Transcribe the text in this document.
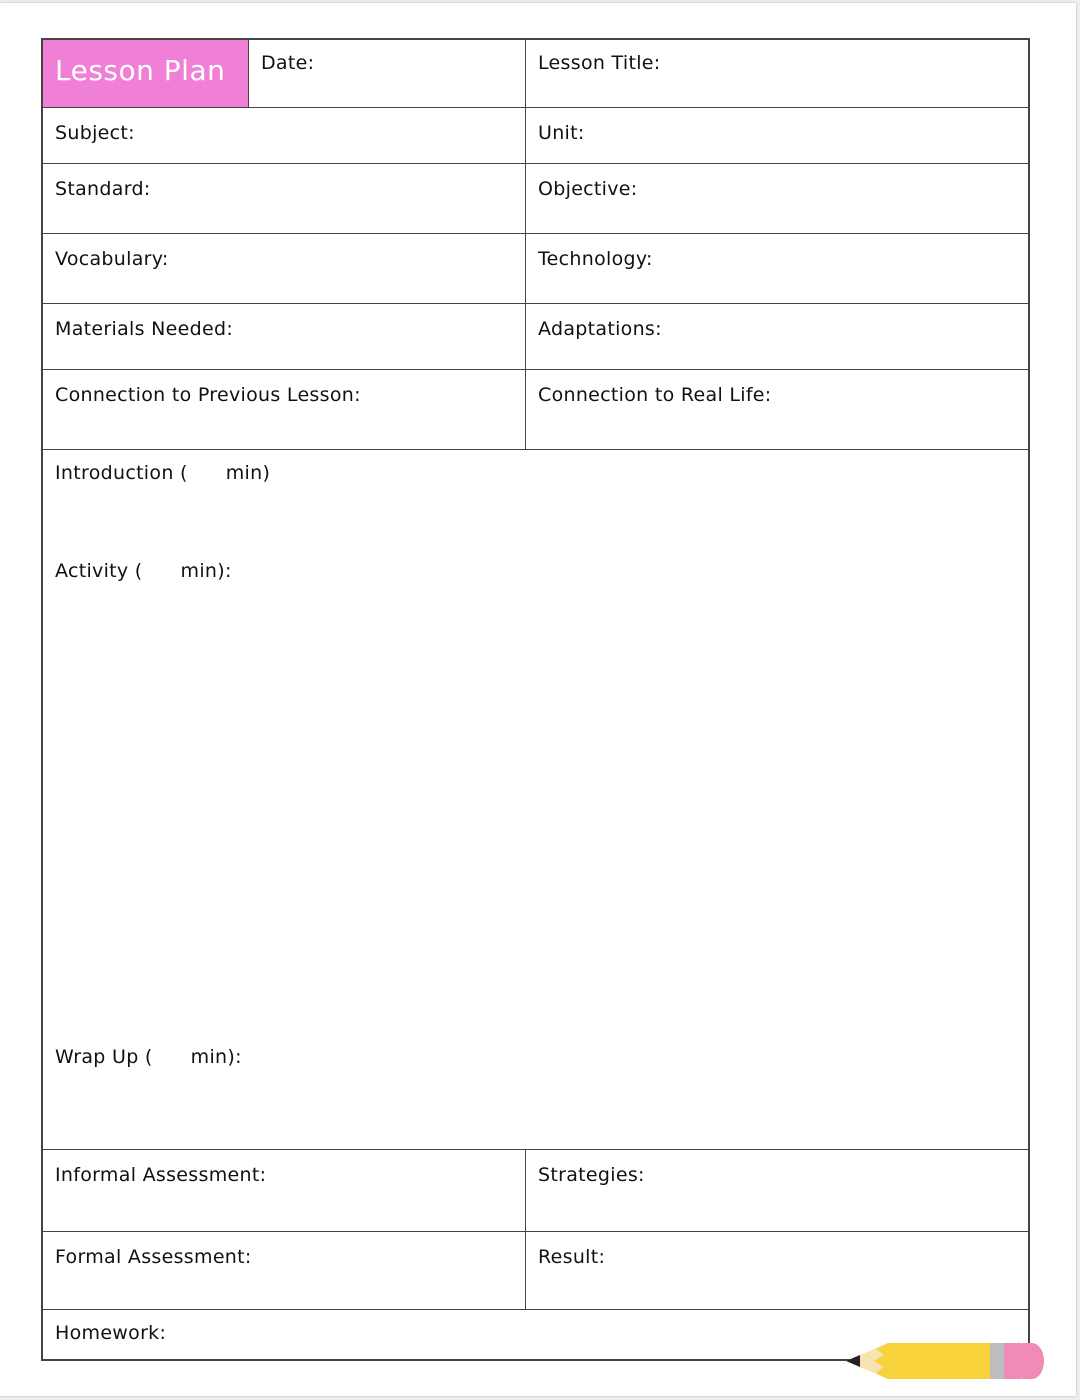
Lesson Plan Date:	Lesson Title:
Subject:	Unit:
Standard:	Objective:
Vocabulary:	Technology:
Materials Needed:	Adaptations:
Connection to Previous Lesson:	Connection to Real Life:
Introduction (      min)
Activity (      min):
Wrap Up (      min):
Informal Assessment:	Strategies:
Formal Assessment:	Result:
Homework:
